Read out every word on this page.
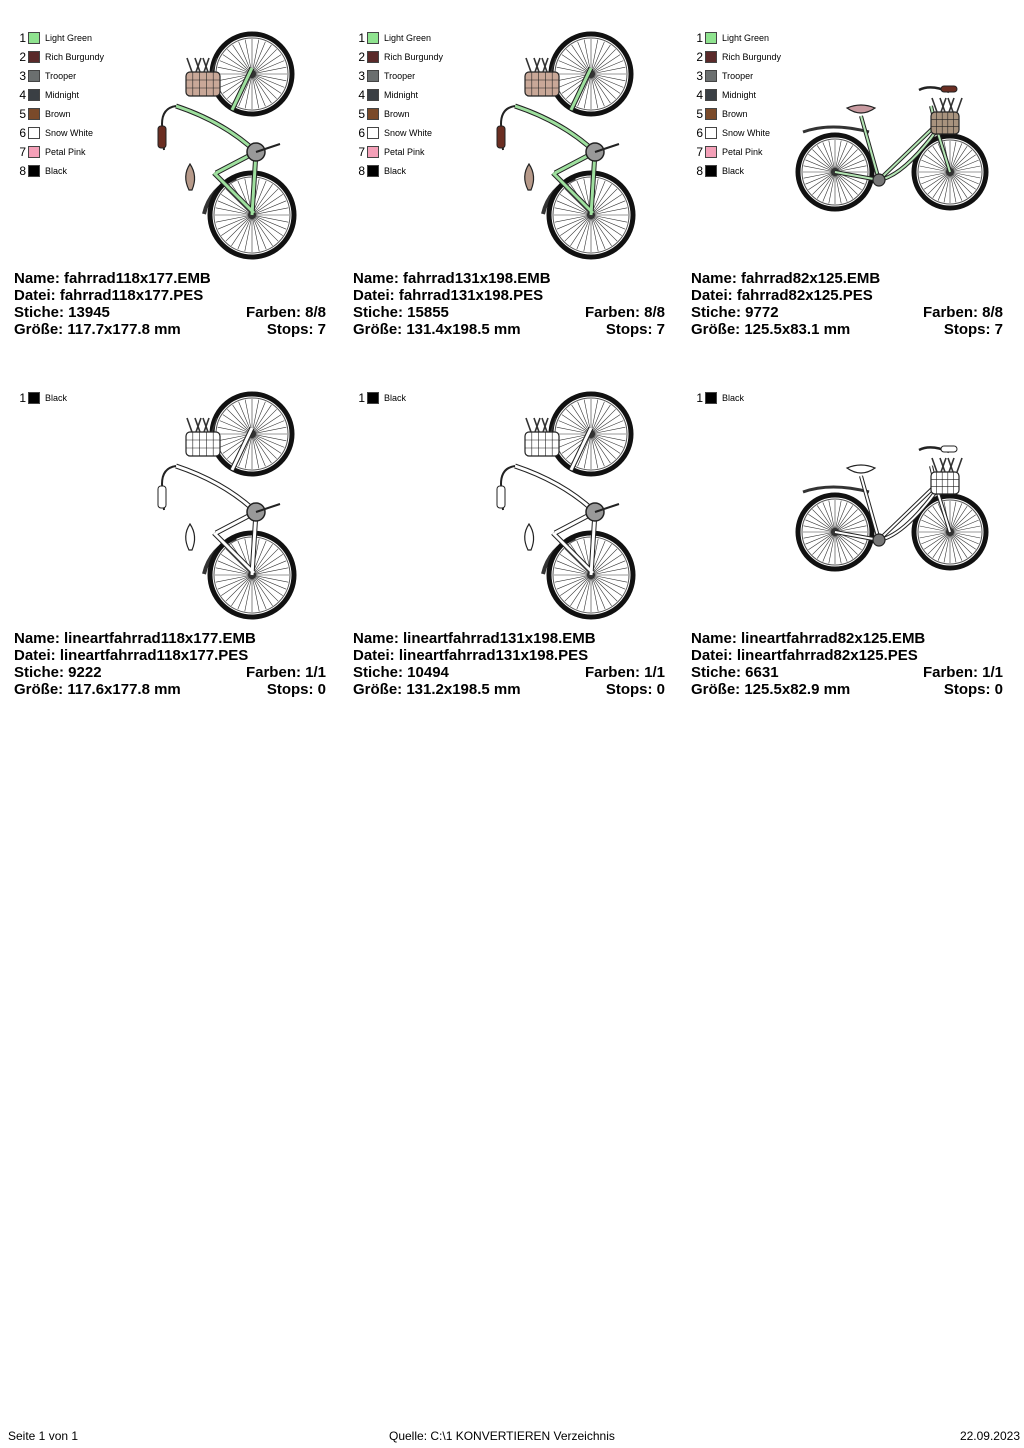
1 Light Green
2 Rich Burgundy
3 Trooper
4 Midnight
5 Brown
6 Snow White
7 Petal Pink
8 Black
Name: fahrrad118x177.EMB
Datei: fahrrad118x177.PES
Stiche: 13945	Farben: 8/8
Größe: 117.7x177.8 mm	Stops: 7
1 Light Green
2 Rich Burgundy
3 Trooper
4 Midnight
5 Brown
6 Snow White
7 Petal Pink
8 Black
Name: fahrrad131x198.EMB
Datei: fahrrad131x198.PES
Stiche: 15855	Farben: 8/8
Größe: 131.4x198.5 mm	Stops: 7
1 Light Green
2 Rich Burgundy
3 Trooper
4 Midnight
5 Brown
6 Snow White
7 Petal Pink
8 Black
Name: fahrrad82x125.EMB
Datei: fahrrad82x125.PES
Stiche: 9772	Farben: 8/8
Größe: 125.5x83.1 mm	Stops: 7
1 Black
Name: lineartfahrrad118x177.EMB
Datei: lineartfahrrad118x177.PES
Stiche: 9222	Farben: 1/1
Größe: 117.6x177.8 mm	Stops: 0
1 Black
Name: lineartfahrrad131x198.EMB
Datei: lineartfahrrad131x198.PES
Stiche: 10494	Farben: 1/1
Größe: 131.2x198.5 mm	Stops: 0
1 Black
Name: lineartfahrrad82x125.EMB
Datei: lineartfahrrad82x125.PES
Stiche: 6631	Farben: 1/1
Größe: 125.5x82.9 mm	Stops: 0
Seite 1 von 1	Quelle: C:\1 KONVERTIEREN Verzeichnis	22.09.2023
